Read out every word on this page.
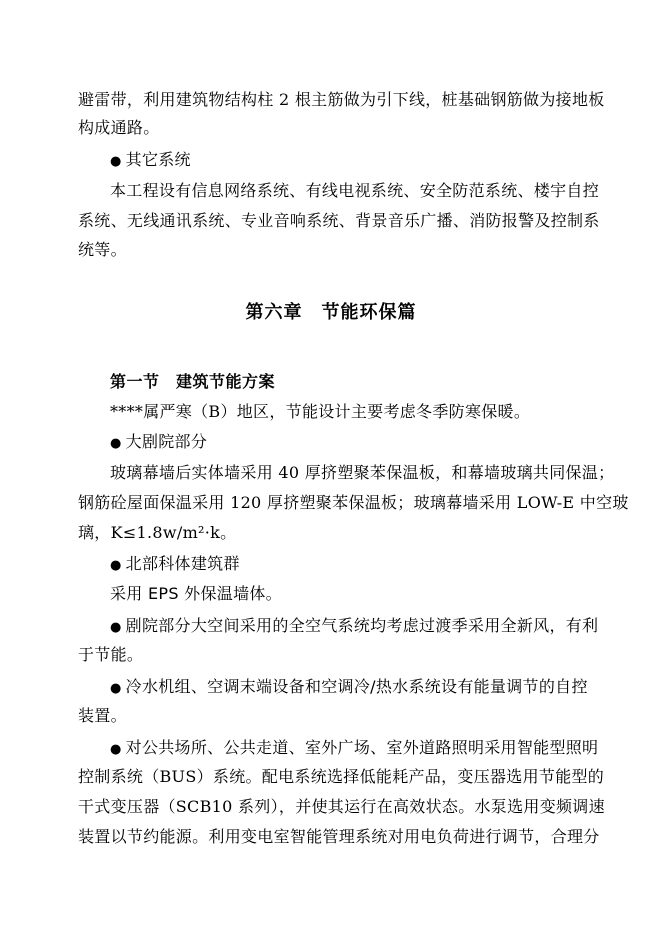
避雷带，利用建筑物结构柱 2 根主筋做为引下线，桩基础钢筋做为接地板
构成通路。
● 其它系统
本工程设有信息网络系统、有线电视系统、安全防范系统、楼宇自控
系统、无线通讯系统、专业音响系统、背景音乐广播、消防报警及控制系
统等。
第六章　节能环保篇
第一节　建筑节能方案
****属严寒（B）地区，节能设计主要考虑冬季防寒保暖。
● 大剧院部分
玻璃幕墙后实体墙采用 40 厚挤塑聚苯保温板，和幕墙玻璃共同保温；
钢筋砼屋面保温采用 120 厚挤塑聚苯保温板；玻璃幕墙采用 LOW-E 中空玻
璃，K≤1.8w/m²·k。
● 北部科体建筑群
采用 EPS 外保温墙体。
● 剧院部分大空间采用的全空气系统均考虑过渡季采用全新风，有利
于节能。
● 冷水机组、空调末端设备和空调冷/热水系统设有能量调节的自控
装置。
● 对公共场所、公共走道、室外广场、室外道路照明采用智能型照明
控制系统（BUS）系统。配电系统选择低能耗产品，变压器选用节能型的
干式变压器（SCB10 系列），并使其运行在高效状态。水泵选用变频调速
装置以节约能源。利用变电室智能管理系统对用电负荷进行调节，合理分
